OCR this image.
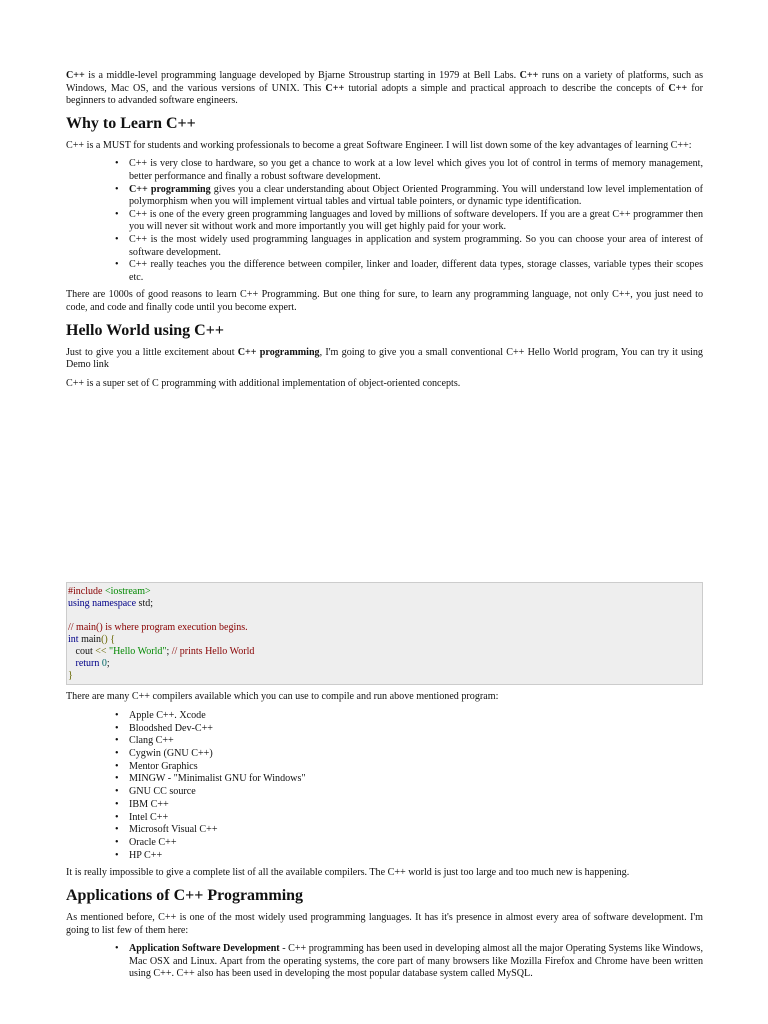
C++ is a middle-level programming language developed by Bjarne Stroustrup starting in 1979 at Bell Labs. C++ runs on a variety of platforms, such as Windows, Mac OS, and the various versions of UNIX. This C++ tutorial adopts a simple and practical approach to describe the concepts of C++ for beginners to advanded software engineers.

Why to Learn C++

C++ is a MUST for students and working professionals to become a great Software Engineer. I will list down some of the key advantages of learning C++:

• C++ is very close to hardware, so you get a chance to work at a low level which gives you lot of control in terms of memory management, better performance and finally a robust software development.
• C++ programming gives you a clear understanding about Object Oriented Programming. You will understand low level implementation of polymorphism when you will implement virtual tables and virtual table pointers, or dynamic type identification.
• C++ is one of the every green programming languages and loved by millions of software developers. If you are a great C++ programmer then you will never sit without work and more importantly you will get highly paid for your work.
• C++ is the most widely used programming languages in application and system programming. So you can choose your area of interest of software development.
• C++ really teaches you the difference between compiler, linker and loader, different data types, storage classes, variable types their scopes etc.

There are 1000s of good reasons to learn C++ Programming. But one thing for sure, to learn any programming language, not only C++, you just need to code, and code and finally code until you become expert.

Hello World using C++

Just to give you a little excitement about C++ programming, I'm going to give you a small conventional C++ Hello World program, You can try it using Demo link

C++ is a super set of C programming with additional implementation of object-oriented concepts.

#include <iostream>
using namespace std;

// main() is where program execution begins.
int main() {
cout << "Hello World"; // prints Hello World
return 0;
}

There are many C++ compilers available which you can use to compile and run above mentioned program:

• Apple C++. Xcode
• Bloodshed Dev-C++
• Clang C++
• Cygwin (GNU C++)
• Mentor Graphics
• MINGW - "Minimalist GNU for Windows"
• GNU CC source
• IBM C++
• Intel C++
• Microsoft Visual C++
• Oracle C++
• HP C++

It is really impossible to give a complete list of all the available compilers. The C++ world is just too large and too much new is happening.

Applications of C++ Programming

As mentioned before, C++ is one of the most widely used programming languages. It has it's presence in almost every area of software development. I'm going to list few of them here:

• Application Software Development - C++ programming has been used in developing almost all the major Operating Systems like Windows, Mac OSX and Linux. Apart from the operating systems, the core part of many browsers like Mozilla Firefox and Chrome have been written using C++. C++ also has been used in developing the most popular database system called MySQL.
